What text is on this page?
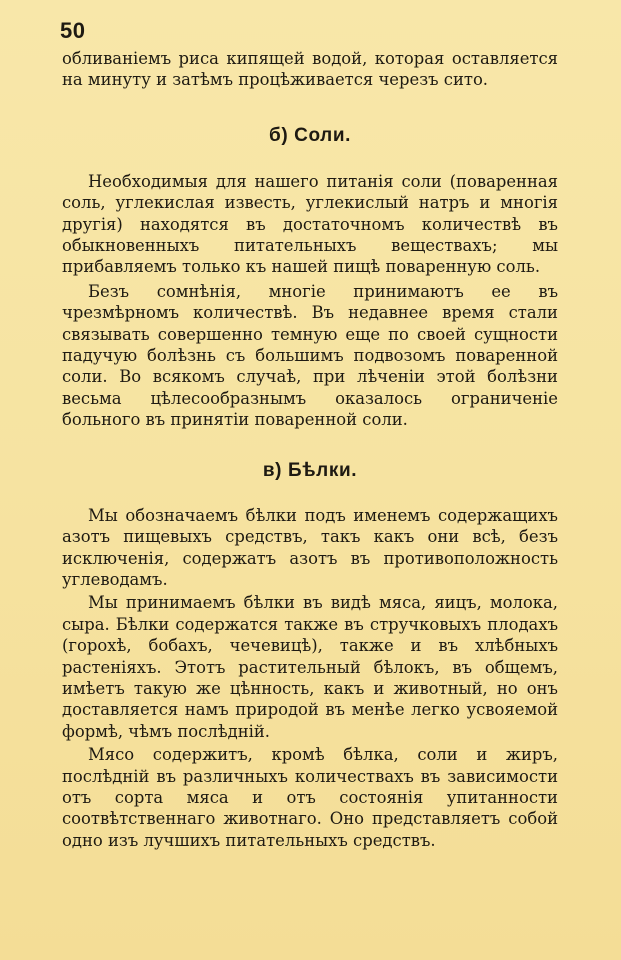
50

обливаніемъ риса кипящей водой, которая оставляется на минуту и затѣмъ процѣживается черезъ сито.

б) Соли.

Необходимыя для нашего питанія соли (поваренная соль, углекислая известь, углекислый натръ и многія другія) находятся въ достаточномъ количествѣ въ обыкновенныхъ питательныхъ веществахъ; мы прибавляемъ только къ нашей пищѣ поваренную соль.

Безъ сомнѣнія, многіе принимаютъ ее въ чрезмѣрномъ количествѣ. Въ недавнее время стали связывать совершенно темную еще по своей сущности падучую болѣзнь съ большимъ подвозомъ поваренной соли. Во всякомъ случаѣ, при лѣченіи этой болѣзни весьма цѣлесообразнымъ оказалось ограниченіе больного въ принятіи поваренной соли.

в) Бѣлки.

Мы обозначаемъ бѣлки подъ именемъ содержащихъ азотъ пищевыхъ средствъ, такъ какъ они всѣ, безъ исключенія, содержатъ азотъ въ противоположность углеводамъ.

Мы принимаемъ бѣлки въ видѣ мяса, яицъ, молока, сыра. Бѣлки содержатся также въ стручковыхъ плодахъ (горохѣ, бобахъ, чечевицѣ), также и въ хлѣбныхъ растеніяхъ. Этотъ растительный бѣлокъ, въ общемъ, имѣетъ такую же цѣнность, какъ и животный, но онъ доставляется намъ природой въ менѣе легко усвояемой формѣ, чѣмъ послѣдній.

Мясо содержитъ, кромѣ бѣлка, соли и жиръ, послѣдній въ различныхъ количествахъ въ зависимости отъ сорта мяса и отъ состоянія упитанности соотвѣтственнаго животнаго. Оно представляетъ собой одно изъ лучшихъ питательныхъ средствъ.
